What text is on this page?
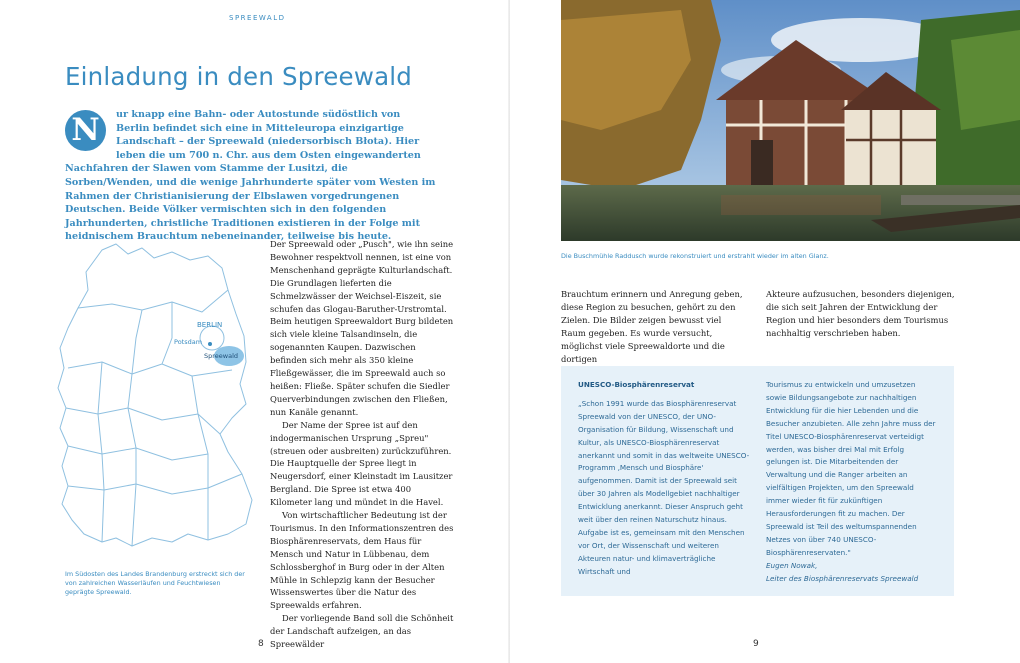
SPREEWALD
Einladung in den Spreewald
N	ur knapp eine Bahn- oder Autostunde südöstlich von Berlin befindet sich eine in Mitteleuropa einzigartige Landschaft – der Spreewald (niedersorbisch Błota). Hier leben die um 700 n. Chr. aus dem Osten eingewanderten Nachfahren der Slawen vom Stamme der Lusitzi, die Sorben/Wenden, und die wenige Jahrhunderte später vom Westen im Rahmen der Christianisierung der Elbslawen vorgedrungenen Deutschen. Beide Völker vermischten sich in den folgenden Jahrhunderten, christliche Traditionen existieren in der Folge mit heidnischem Brauchtum nebeneinander, teilweise bis heute.
BERLIN
Potsdam
Spreewald
Im Südosten des Landes Brandenburg erstreckt sich der von zahlreichen Wasserläufen und Feuchtwiesen geprägte Spreewald.

Der Spreewald oder „Pusch", wie ihn seine Bewohner respektvoll nennen, ist eine von Menschenhand geprägte Kulturlandschaft. Die Grundlagen lieferten die Schmelzwässer der Weichsel-Eiszeit, sie schufen das Glogau-Baruther-Urstromtal. Beim heutigen Spreewaldort Burg bildeten sich viele kleine Talsandinseln, die sogenannten Kaupen. Dazwischen befinden sich mehr als 350 kleine Fließgewässer, die im Spreewald auch so heißen: Fließe. Später schufen die Siedler Querverbindungen zwischen den Fließen, nun Kanäle genannt.

Der Name der Spree ist auf den indogermanischen Ursprung „Spreu" (streuen oder ausbreiten) zurückzuführen. Die Hauptquelle der Spree liegt in Neugersdorf, einer Kleinstadt im Lausitzer Bergland. Die Spree ist etwa 400 Kilometer lang und mündet in die Havel.

Von wirtschaftlicher Bedeutung ist der Tourismus. In den Informationszentren des Biosphärenreservats, dem Haus für Mensch und Natur in Lübbenau, dem Schlossberghof in Burg oder in der Alten Mühle in Schlepzig kann der Besucher Wissenswertes über die Natur des Spreewalds erfahren.

Der vorliegende Band soll die Schönheit der Landschaft aufzeigen, an das Spreewälder

8
Die Buschmühle Raddusch wurde rekonstruiert und erstrahlt wieder im alten Glanz.
Brauchtum erinnern und Anregung geben, diese Region zu besuchen, gehört zu den Zielen. Die Bilder zeigen bewusst viel Raum gegeben. Es wurde versucht, möglichst viele Spreewaldorte und die dortigen
Akteure aufzusuchen, besonders diejenigen, die sich seit Jahren der Entwicklung der Region und hier besonders dem Tourismus nachhaltig verschrieben haben.
UNESCO-Biosphärenreservat
„Schon 1991 wurde das Biosphärenreservat Spreewald von der UNESCO, der UNO-Organisation für Bildung, Wissenschaft und Kultur, als UNESCO-Biosphärenreservat anerkannt und somit in das weltweite UNESCO-Programm ‚Mensch und Biosphäre' aufgenommen. Damit ist der Spreewald seit über 30 Jahren als Modellgebiet nachhaltiger Entwicklung anerkannt. Dieser Anspruch geht weit über den reinen Naturschutz hinaus. Aufgabe ist es, gemeinsam mit den Menschen vor Ort, der Wissenschaft und weiteren Akteuren natur- und klimaverträgliche Wirtschaft und
Tourismus zu entwickeln und umzusetzen sowie Bildungsangebote zur nachhaltigen Entwicklung für die hier Lebenden und die Besucher anzubieten. Alle zehn Jahre muss der Titel UNESCO-Biosphärenreservat verteidigt werden, was bisher drei Mal mit Erfolg gelungen ist. Die Mitarbeitenden der Verwaltung und die Ranger arbeiten an vielfältigen Projekten, um den Spreewald immer wieder fit für zukünftigen Herausforderungen fit zu machen. Der Spreewald ist Teil des weltumspannenden Netzes von über 740 UNESCO-Biosphärenreservaten."
Eugen Nowak,
Leiter des Biosphärenreservats Spreewald
9
